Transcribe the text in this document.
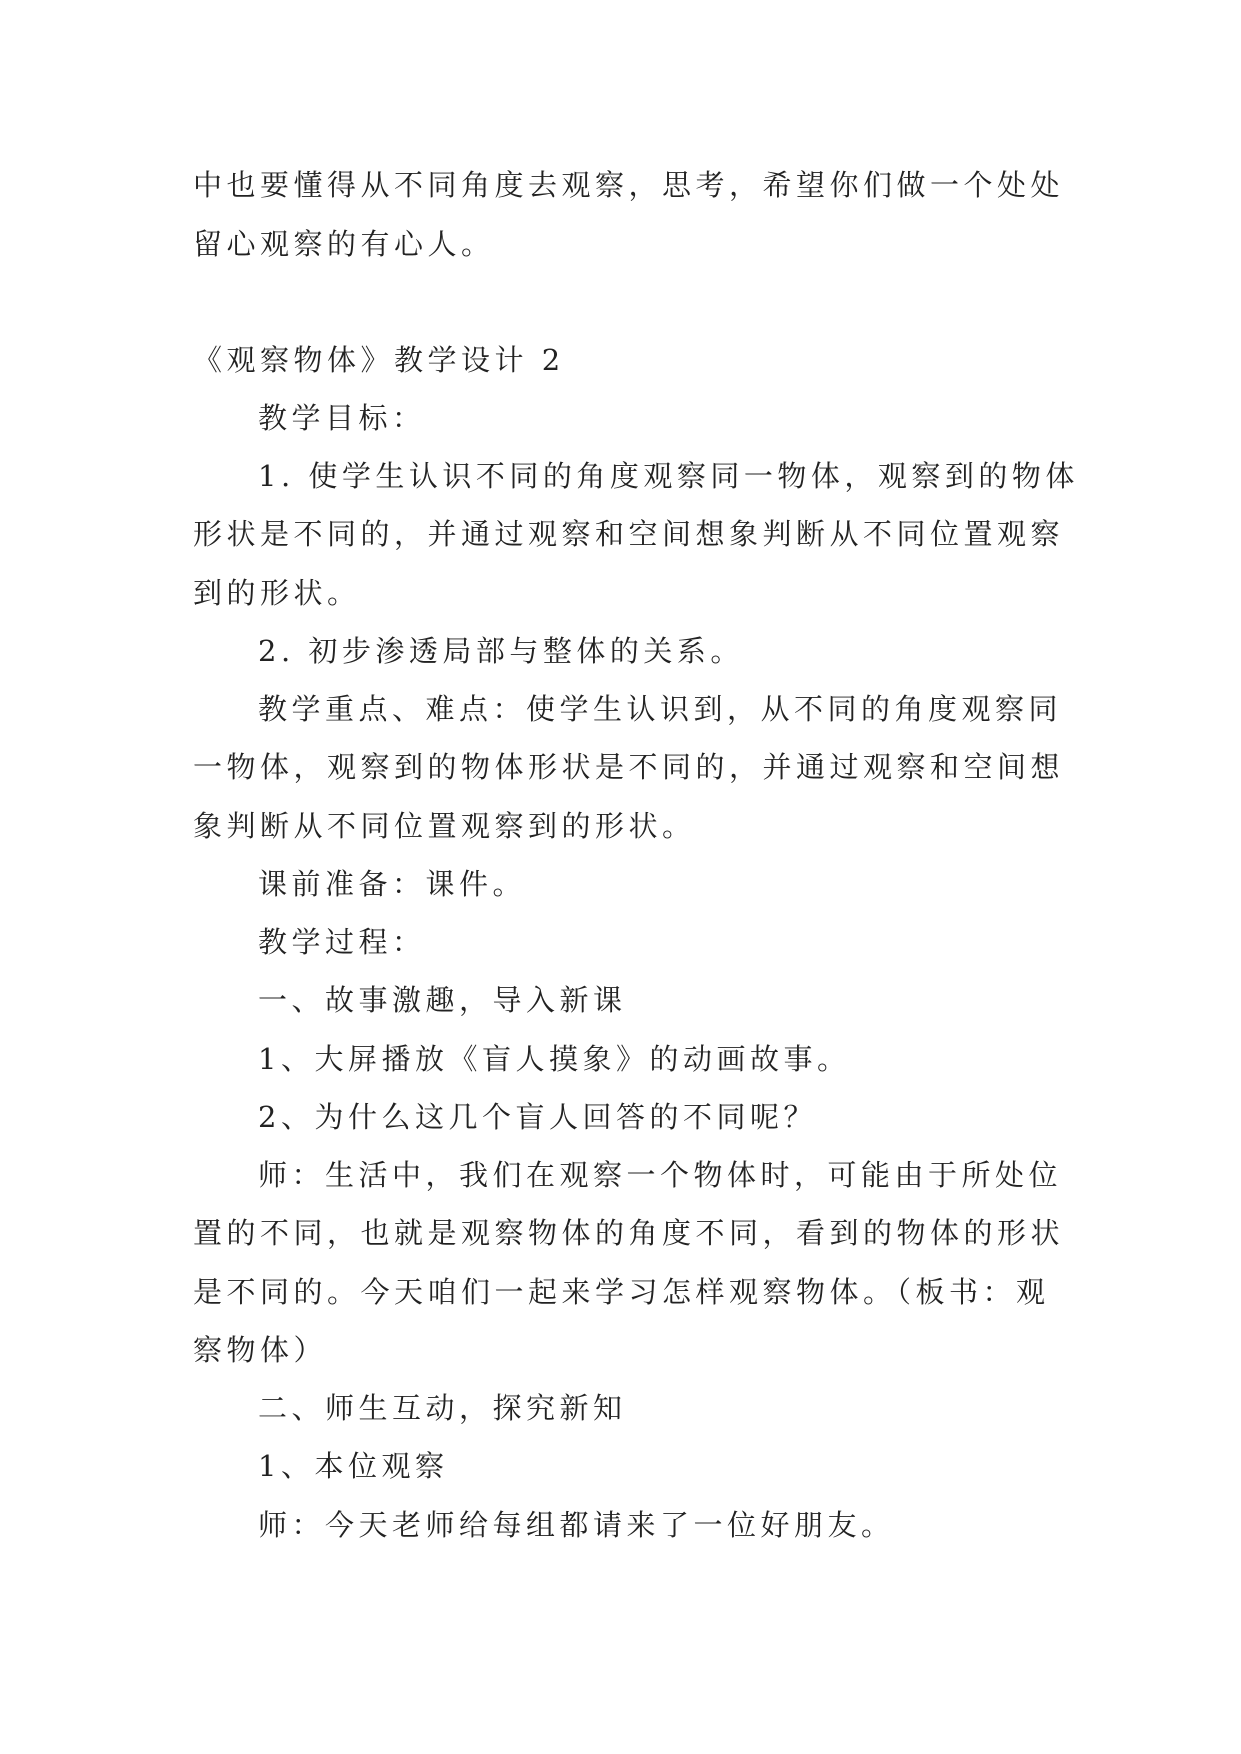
中也要懂得从不同角度去观察，思考，希望你们做一个处处
留心观察的有心人。
《观察物体》教学设计 2
教学目标：
1. 使学生认识不同的角度观察同一物体，观察到的物体
形状是不同的，并通过观察和空间想象判断从不同位置观察
到的形状。
2. 初步渗透局部与整体的关系。
教学重点、难点：使学生认识到，从不同的角度观察同
一物体，观察到的物体形状是不同的，并通过观察和空间想
象判断从不同位置观察到的形状。
课前准备：课件。
教学过程：
一、故事激趣，导入新课
1、大屏播放《盲人摸象》的动画故事。
2、为什么这几个盲人回答的不同呢？
师：生活中，我们在观察一个物体时，可能由于所处位
置的不同，也就是观察物体的角度不同，看到的物体的形状
是不同的。今天咱们一起来学习怎样观察物体。（板书：观
察物体）
二、师生互动，探究新知
1、本位观察
师：今天老师给每组都请来了一位好朋友。
